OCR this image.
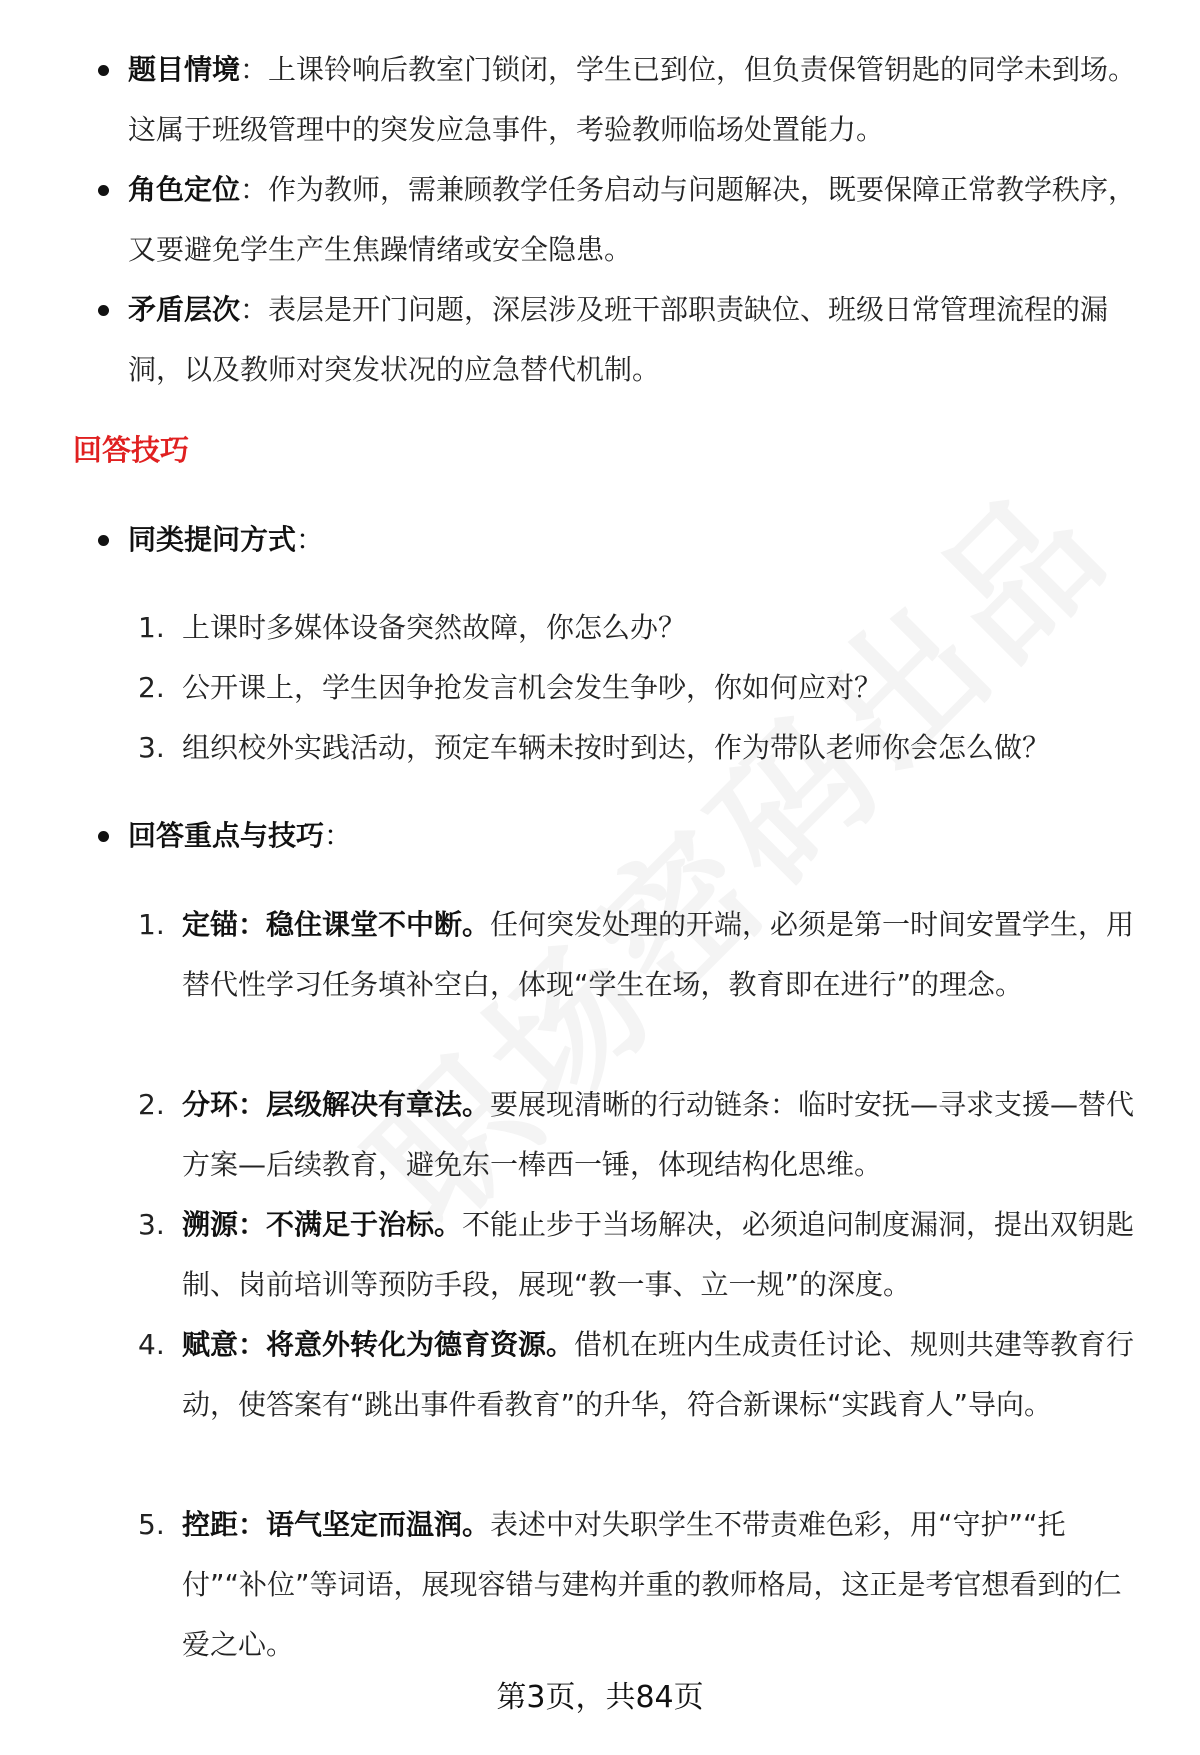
题目情境：上课铃响后教室门锁闭，学生已到位，但负责保管钥匙的同学未到场。这属于班级管理中的突发应急事件，考验教师临场处置能力。
角色定位：作为教师，需兼顾教学任务启动与问题解决，既要保障正常教学秩序，又要避免学生产生焦躁情绪或安全隐患。
矛盾层次：表层是开门问题，深层涉及班干部职责缺位、班级日常管理流程的漏洞，以及教师对突发状况的应急替代机制。
回答技巧
同类提问方式：
1. 上课时多媒体设备突然故障，你怎么办？
2. 公开课上，学生因争抢发言机会发生争吵，你如何应对？
3. 组织校外实践活动，预定车辆未按时到达，作为带队老师你会怎么做？
回答重点与技巧：
1. 定锚：稳住课堂不中断。任何突发处理的开端，必须是第一时间安置学生，用替代性学习任务填补空白，体现“学生在场，教育即在进行”的理念。
2. 分环：层级解决有章法。要展现清晰的行动链条：临时安抚—寻求支援—替代方案—后续教育，避免东一棒西一锤，体现结构化思维。
3. 溯源：不满足于治标。不能止步于当场解决，必须追问制度漏洞，提出双钥匙制、岗前培训等预防手段，展现“教一事、立一规”的深度。
4. 赋意：将意外转化为德育资源。借机在班内生成责任讨论、规则共建等教育行动，使答案有“跳出事件看教育”的升华，符合新课标“实践育人”导向。
5. 控距：语气坚定而温润。表述中对失职学生不带责难色彩，用“守护”“托付”“补位”等词语，展现容错与建构并重的教师格局，这正是考官想看到的仁爱之心。
第3页，共84页
